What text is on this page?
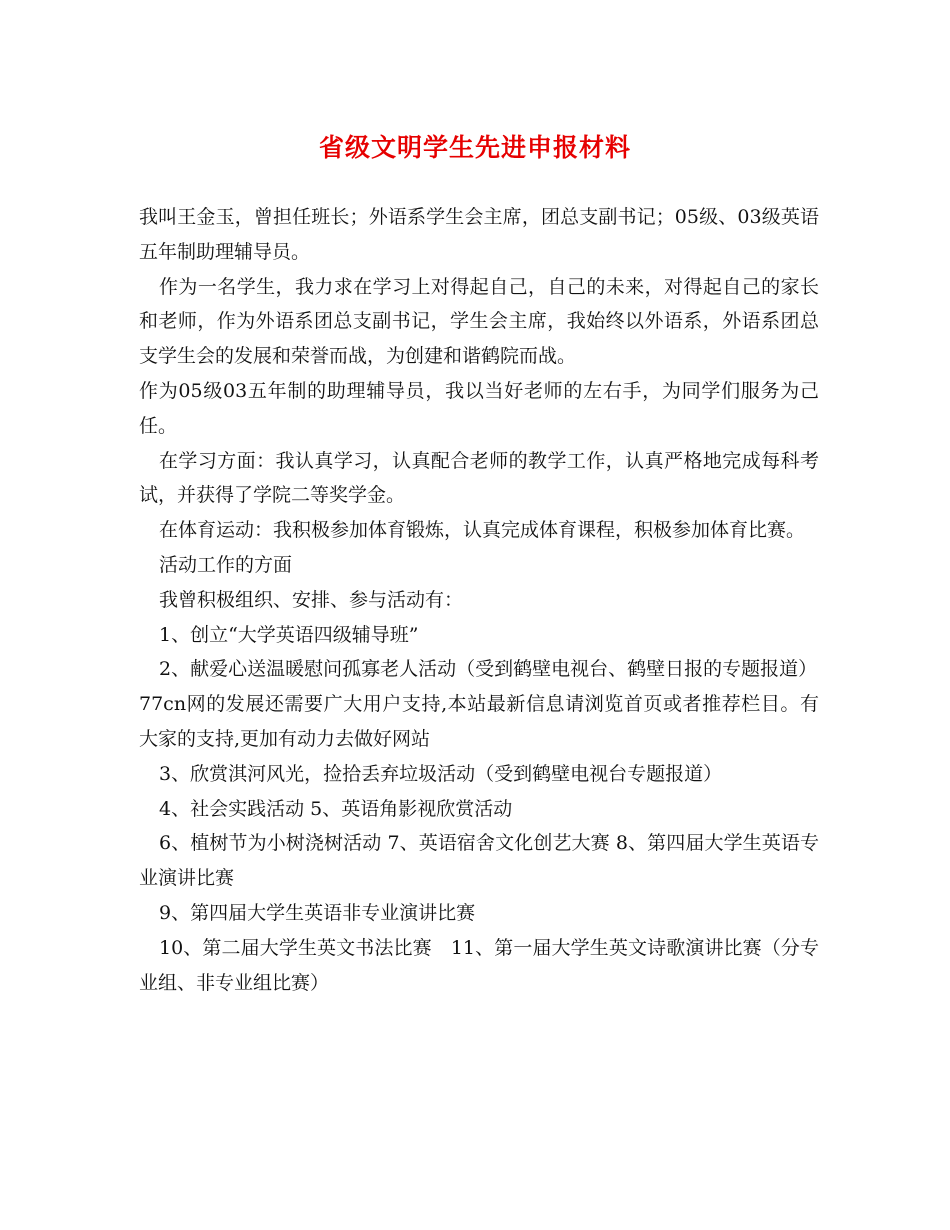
省级文明学生先进申报材料

我叫王金玉，曾担任班长；外语系学生会主席，团总支副书记；05级、03级英语五年制助理辅导员。

作为一名学生，我力求在学习上对得起自己，自己的未来，对得起自己的家长和老师，作为外语系团总支副书记，学生会主席，我始终以外语系，外语系团总支学生会的发展和荣誉而战，为创建和谐鹤院而战。

作为05级03五年制的助理辅导员，我以当好老师的左右手，为同学们服务为己任。

在学习方面：我认真学习，认真配合老师的教学工作，认真严格地完成每科考试，并获得了学院二等奖学金。

在体育运动：我积极参加体育锻炼，认真完成体育课程，积极参加体育比赛。

活动工作的方面

我曾积极组织、安排、参与活动有：

1、创立“大学英语四级辅导班”

2、献爱心送温暖慰问孤寡老人活动（受到鹤壁电视台、鹤壁日报的专题报道）

77cn网的发展还需要广大用户支持,本站最新信息请浏览首页或者推荐栏目。有大家的支持,更加有动力去做好网站

3、欣赏淇河风光，捡拾丢弃垃圾活动（受到鹤壁电视台专题报道）

4、社会实践活动 5、英语角影视欣赏活动

6、植树节为小树浇树活动 7、英语宿舍文化创艺大赛 8、第四届大学生英语专业演讲比赛

9、第四届大学生英语非专业演讲比赛

10、第二届大学生英文书法比赛　11、第一届大学生英文诗歌演讲比赛（分专业组、非专业组比赛）
